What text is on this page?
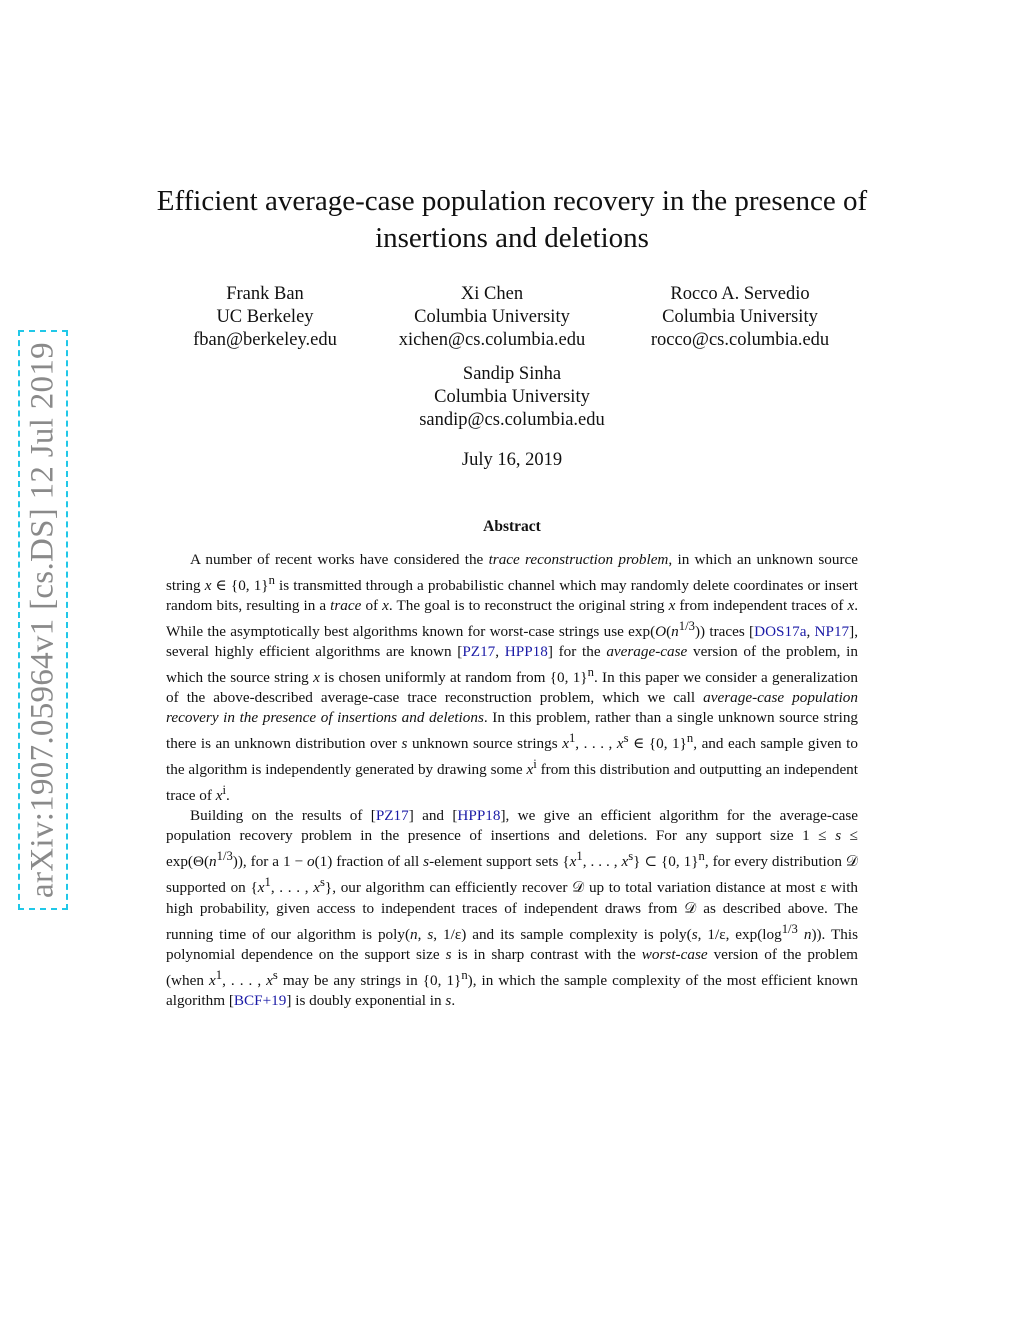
arXiv:1907.05964v1 [cs.DS] 12 Jul 2019
Efficient average-case population recovery in the presence of insertions and deletions
Frank Ban
UC Berkeley
fban@berkeley.edu
Xi Chen
Columbia University
xichen@cs.columbia.edu
Rocco A. Servedio
Columbia University
rocco@cs.columbia.edu
Sandip Sinha
Columbia University
sandip@cs.columbia.edu
July 16, 2019
Abstract

A number of recent works have considered the trace reconstruction problem, in which an unknown source string x ∈ {0, 1}$^n$ is transmitted through a probabilistic channel which may randomly delete coordinates or insert random bits, resulting in a trace of x. The goal is to reconstruct the original string x from independent traces of x. While the asymptotically best algorithms known for worst-case strings use $\exp(O(n^{1/3}))$ traces [DOS17a, NP17], several highly efficient algorithms are known [PZ17, HPP18] for the average-case version of the problem, in which the source string x is chosen uniformly at random from {0, 1}$^n$. In this paper we consider a generalization of the above-described average-case trace reconstruction problem, which we call average-case population recovery in the presence of insertions and deletions. In this problem, rather than a single unknown source string there is an unknown distribution over s unknown source strings $x^1$, . . . , $x^s$ ∈ {0, 1}$^n$, and each sample given to the algorithm is independently generated by drawing some $x^i$ from this distribution and outputting an independent trace of $x^i$.

Building on the results of [PZ17] and [HPP18], we give an efficient algorithm for the average-case population recovery problem in the presence of insertions and deletions. For any support size $1 \le s \le \exp(\Theta(n^{1/3}))$, for a 1 − o(1) fraction of all s-element support sets {$x^1$, . . . , $x^s$} ⊂ {0, 1}$^n$, for every distribution 𝒟 supported on {$x^1$, . . . , $x^s$}, our algorithm can efficiently recover 𝒟 up to total variation distance at most ε with high probability, given access to independent traces of independent draws from 𝒟 as described above. The running time of our algorithm is poly(n, s, 1/ε) and its sample complexity is poly(s, 1/ε, $\exp(\log^{1/3}$ n)). This polynomial dependence on the support size s is in sharp contrast with the worst-case version of the problem (when $x^1$, . . . , $x^s$ may be any strings in {0, 1}$^n$), in which the sample complexity of the most efficient known algorithm [BCF+19] is doubly exponential in s.
